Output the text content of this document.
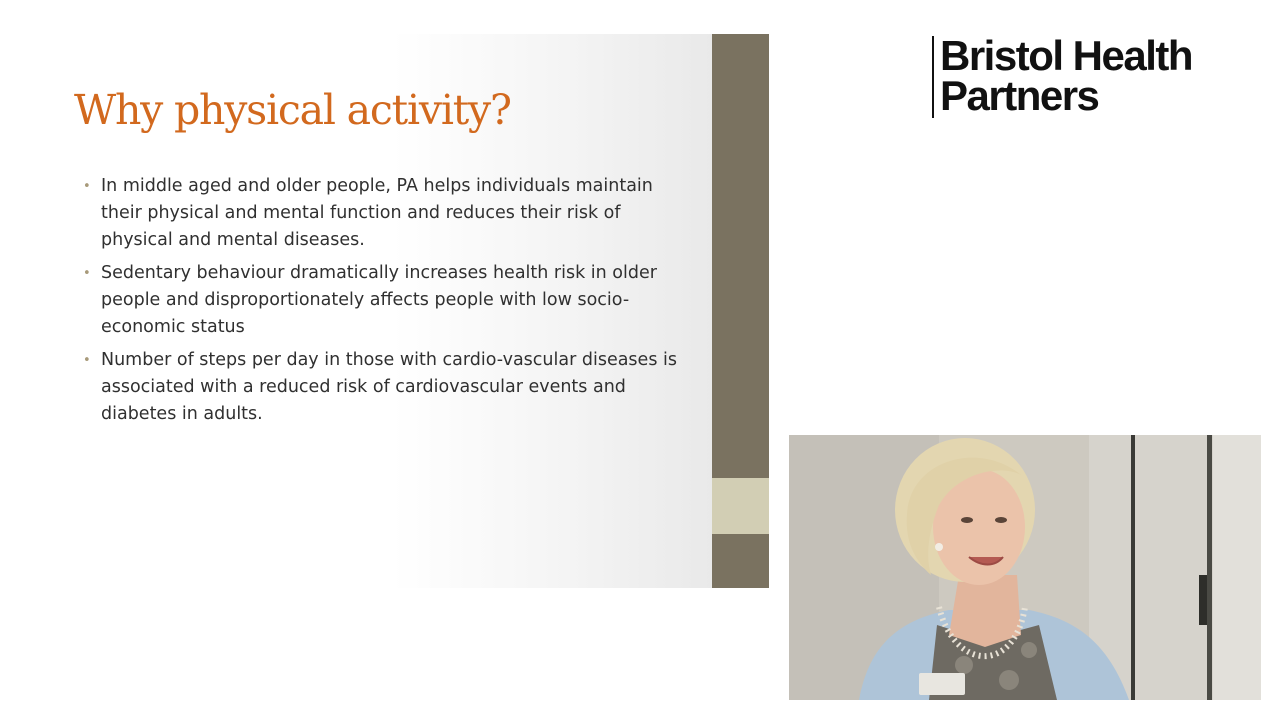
Why physical activity?
• In middle aged and older people, PA helps individuals maintain their physical and mental function and reduces their risk of physical and mental diseases.
• Sedentary behaviour dramatically increases health risk in older people and disproportionately affects people with low socio-economic status
• Number of steps per day in those with cardio-vascular diseases is associated with a reduced risk of cardiovascular events and diabetes in adults.
Bristol Health
Partners
